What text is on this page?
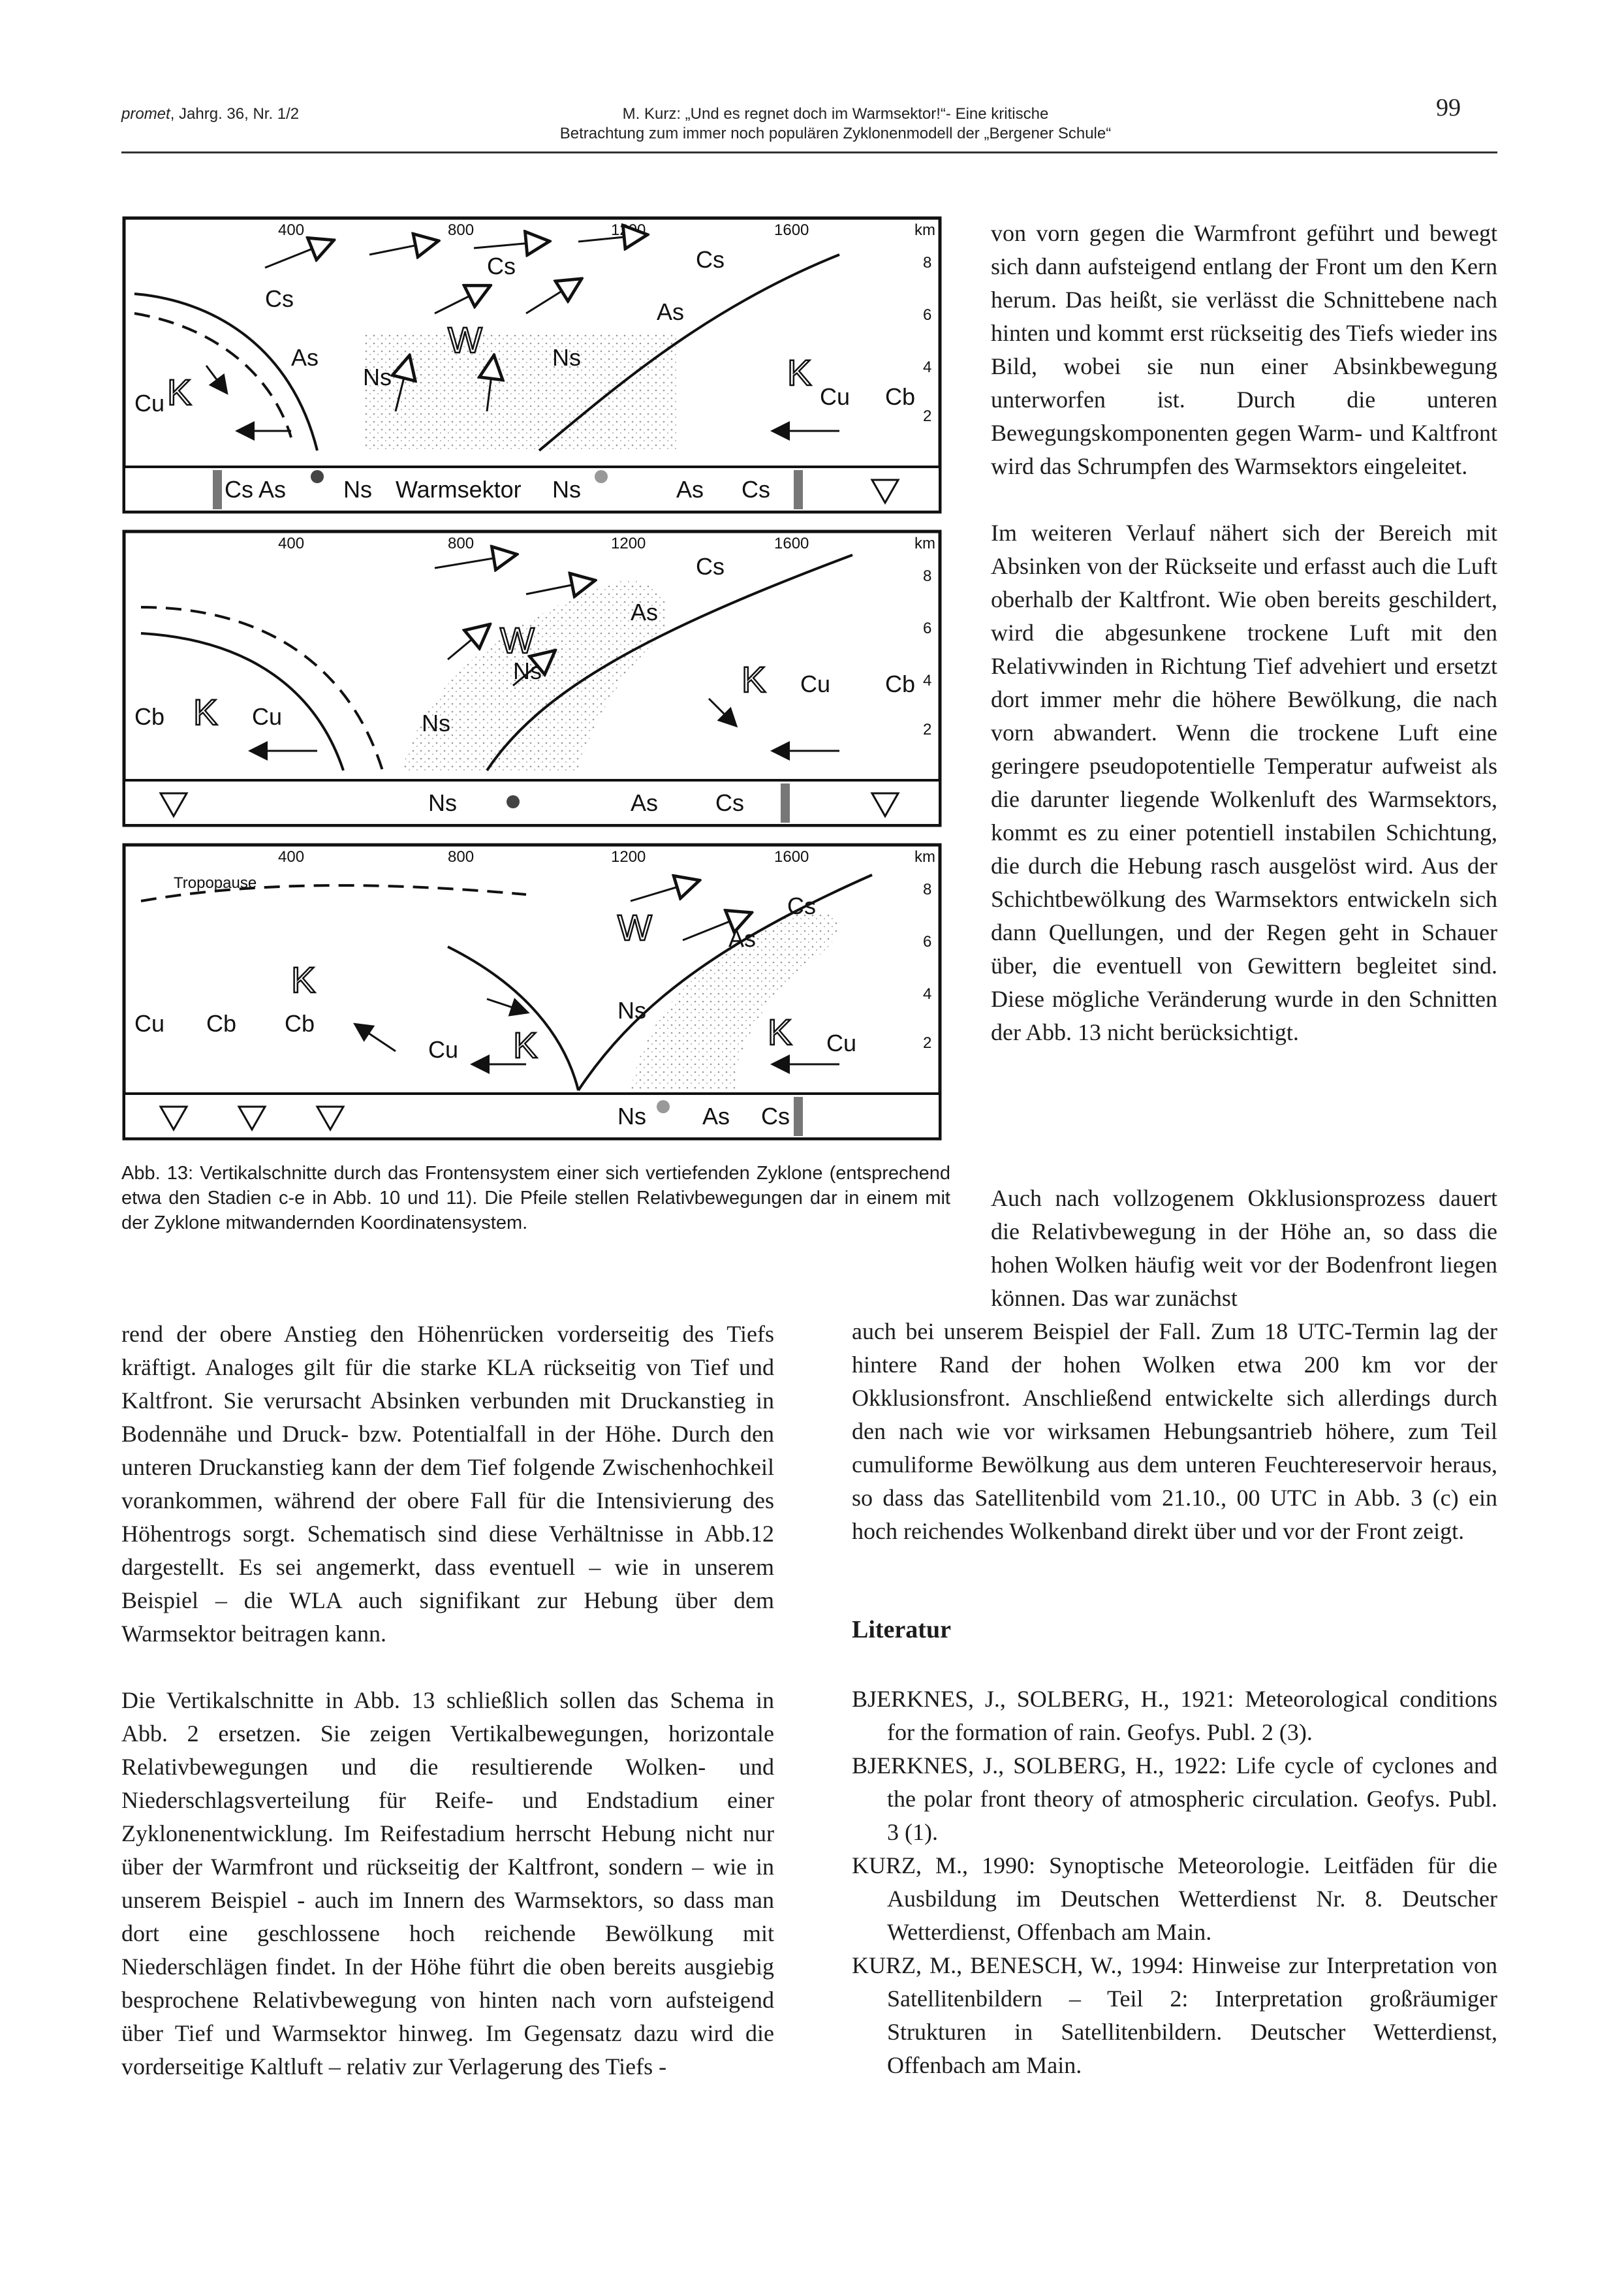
promet, Jahrg. 36, Nr. 1/2	M. Kurz: „Und es regnet doch im Warmsektor!“- Eine kritische
Betrachtung zum immer noch populären Zyklonenmodell der „Bergener Schule“
99
400	800	1200	1600	km
8
6
4
2
Cs	Cs
Cs
As
As
Ns
Ns
Cu	Cu Cb
W
K	K
Cs As Ns Warmsektor Ns	As Cs
400	800	1200	1600	km
8
6
4
2
Cs
As
Ns
Ns
Cb	Cu
Cu Cb
W
K
K
Ns	As Cs
400	800	1200	1600	km
8
6
4
2
Tropopause
Cs
As
Ns
Cu Cb Cb
Cu	Cu
W
K
K	K
Ns As Cs
Abb. 13: Vertikalschnitte durch das Frontensystem einer sich vertiefenden Zyklone (entsprechend etwa den Stadien c-e in Abb. 10 und 11). Die Pfeile stellen Relativbewegungen dar in einem mit der Zyklone mitwandernden Koordinatensystem.

von vorn gegen die Warmfront geführt und bewegt sich dann aufsteigend entlang der Front um den Kern herum. Das heißt, sie verlässt die Schnittebene nach hinten und kommt erst rückseitig des Tiefs wieder ins Bild, wobei sie nun einer Absinkbewegung unterworfen ist. Durch die unteren Bewegungskomponenten gegen Warm- und Kaltfront wird das Schrumpfen des Warmsektors eingeleitet.

Im weiteren Verlauf nähert sich der Bereich mit Absinken von der Rückseite und erfasst auch die Luft oberhalb der Kaltfront. Wie oben bereits geschildert, wird die abgesunkene trockene Luft mit den Relativwinden in Richtung Tief advehiert und ersetzt dort immer mehr die höhere Bewölkung, die nach vorn abwandert. Wenn die trockene Luft eine geringere pseudopotentielle Temperatur aufweist als die darunter liegende Wolkenluft des Warmsektors, kommt es zu einer potentiell instabilen Schichtung, die durch die Hebung rasch ausgelöst wird. Aus der Schichtbewölkung des Warmsektors entwickeln sich dann Quellungen, und der Regen geht in Schauer über, die eventuell von Gewittern begleitet sind. Diese mögliche Veränderung wurde in den Schnitten der Abb. 13 nicht berücksichtigt.

rend der obere Anstieg den Höhenrücken vorderseitig des Tiefs kräftigt. Analoges gilt für die starke KLA rückseitig von Tief und Kaltfront. Sie verursacht Absinken verbunden mit Druckanstieg in Bodennähe und Druck- bzw. Potentialfall in der Höhe. Durch den unteren Druckanstieg kann der dem Tief folgende Zwischenhochkeil vorankommen, während der obere Fall für die Intensivierung des Höhentrogs sorgt. Schematisch sind diese Verhältnisse in Abb.12 dargestellt. Es sei angemerkt, dass eventuell – wie in unserem Beispiel – die WLA auch signifikant zur Hebung über dem Warmsektor beitragen kann.

Die Vertikalschnitte in Abb. 13 schließlich sollen das Schema in Abb. 2 ersetzen. Sie zeigen Vertikalbewegungen, horizontale Relativbewegungen und die resultierende Wolken- und Niederschlagsverteilung für Reife- und Endstadium einer Zyklonenentwicklung. Im Reifestadium herrscht Hebung nicht nur über der Warmfront und rückseitig der Kaltfront, sondern – wie in unserem Beispiel - auch im Innern des Warmsektors, so dass man dort eine geschlossene hoch reichende Bewölkung mit Niederschlägen findet. In der Höhe führt die oben bereits ausgiebig besprochene Relativbewegung von hinten nach vorn aufsteigend über Tief und Warmsektor hinweg. Im Gegensatz dazu wird die vorderseitige Kaltluft – relativ zur Verlagerung des Tiefs -

Auch nach vollzogenem Okklusionsprozess dauert die Relativbewegung in der Höhe an, so dass die hohen Wolken häufig weit vor der Bodenfront liegen können. Das war zunächst

auch bei unserem Beispiel der Fall. Zum 18 UTC-Termin lag der hintere Rand der hohen Wolken etwa 200 km vor der Okklusionsfront. Anschließend entwickelte sich allerdings durch den nach wie vor wirksamen Hebungsantrieb höhere, zum Teil cumuliforme Bewölkung aus dem unteren Feuchtereservoir heraus, so dass das Satellitenbild vom 21.10., 00 UTC in Abb. 3 (c) ein hoch reichendes Wolkenband direkt über und vor der Front zeigt.

Literatur

BJERKNES, J., SOLBERG, H., 1921: Meteorological conditions for the formation of rain. Geofys. Publ. 2 (3).

BJERKNES, J., SOLBERG, H., 1922: Life cycle of cyclones and the polar front theory of atmospheric circulation. Geofys. Publ. 3 (1).

KURZ, M., 1990: Synoptische Meteorologie. Leitfäden für die Ausbildung im Deutschen Wetterdienst Nr. 8. Deutscher Wetterdienst, Offenbach am Main.

KURZ, M., BENESCH, W., 1994: Hinweise zur Interpretation von Satellitenbildern – Teil 2: Interpretation großräumiger Strukturen in Satellitenbildern. Deutscher Wetterdienst, Offenbach am Main.
